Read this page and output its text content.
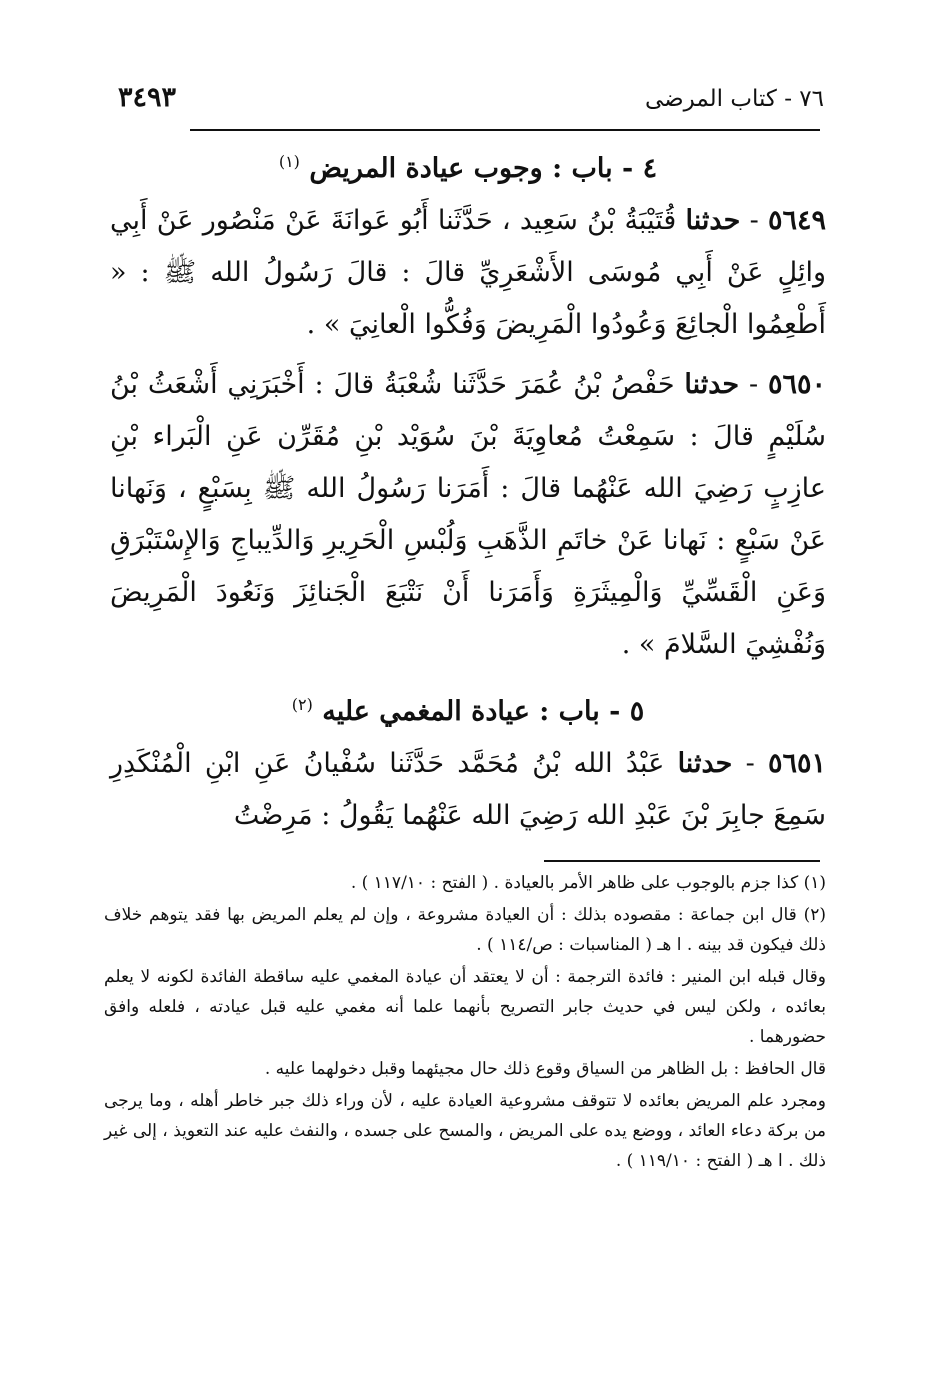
٧٦ - كتاب المرضى
٣٤٩٣
٤ - باب : وجوب عيادة المريض $^{(١)}$

٥٦٤٩ - حدثنا قُتَيْبَةُ بْنُ سَعِيد ، حَدَّثَنا أَبُو عَوانَةَ عَنْ مَنْصُور عَنْ أَبِي وائِلٍ عَنْ أَبِي مُوسَى الأَشْعَرِيِّ قالَ : قالَ رَسُولُ الله ﷺ : « أَطْعِمُوا الْجائِعَ وَعُودُوا الْمَرِيضَ وَفُكُّوا الْعانِيَ » .

٥٦٥٠ - حدثنا حَفْصُ بْنُ عُمَرَ حَدَّثَنا شُعْبَةُ قالَ : أَخْبَرَنِي أَشْعَثُ بْنُ سُلَيْمٍ قالَ : سَمِعْتُ مُعاوِيَةَ بْنَ سُوَيْد بْنِ مُقَرِّن عَنِ الْبَراء بْنِ عازِبٍ رَضِيَ الله عَنْهُما قالَ : أَمَرَنا رَسُولُ الله ﷺ بِسَبْعٍ ، وَنَهانا عَنْ سَبْعٍ : نَهانا عَنْ خاتَمِ الذَّهَبِ وَلُبْسِ الْحَرِيرِ وَالدِّيباجِ وَالإِسْتَبْرَقِ وَعَنِ الْقَسِّيِّ وَالْمِيثَرَةِ وَأَمَرَنا أَنْ نَتْبَعَ الْجَنائِزَ وَنَعُودَ الْمَرِيضَ وَنُفْشِيَ السَّلامَ » .

٥ - باب : عيادة المغمي عليه $^{(٢)}$

٥٦٥١ - حدثنا عَبْدُ الله بْنُ مُحَمَّد حَدَّثَنا سُفْيانُ عَنِ ابْنِ الْمُنْكَدِرِ سَمِعَ جابِرَ بْنَ عَبْدِ الله رَضِيَ الله عَنْهُما يَقُولُ : مَرِضْتُ

(١) كذا جزم بالوجوب على ظاهر الأمر بالعيادة . ( الفتح : ١١٧/١٠ ) .

(٢) قال ابن جماعة : مقصوده بذلك : أن العيادة مشروعة ، وإن لم يعلم المريض بها فقد يتوهم خلاف ذلك فيكون قد بينه . ا هـ ( المناسبات : ص/١١٤ ) .

وقال قبله ابن المنير : فائدة الترجمة : أن لا يعتقد أن عيادة المغمي عليه ساقطة الفائدة لكونه لا يعلم بعائده ، ولكن ليس في حديث جابر التصريح بأنهما علما أنه مغمي عليه قبل عيادته ، فلعله وافق حضورهما .

قال الحافظ : بل الظاهر من السياق وقوع ذلك حال مجيئهما وقبل دخولهما عليه .

ومجرد علم المريض بعائده لا تتوقف مشروعية العيادة عليه ، لأن وراء ذلك جبر خاطر أهله ، وما يرجى من بركة دعاء العائد ، ووضع يده على المريض ، والمسح على جسده ، والنفث عليه عند التعويذ ، إلى غير ذلك . ا هـ ( الفتح : ١١٩/١٠ ) .
